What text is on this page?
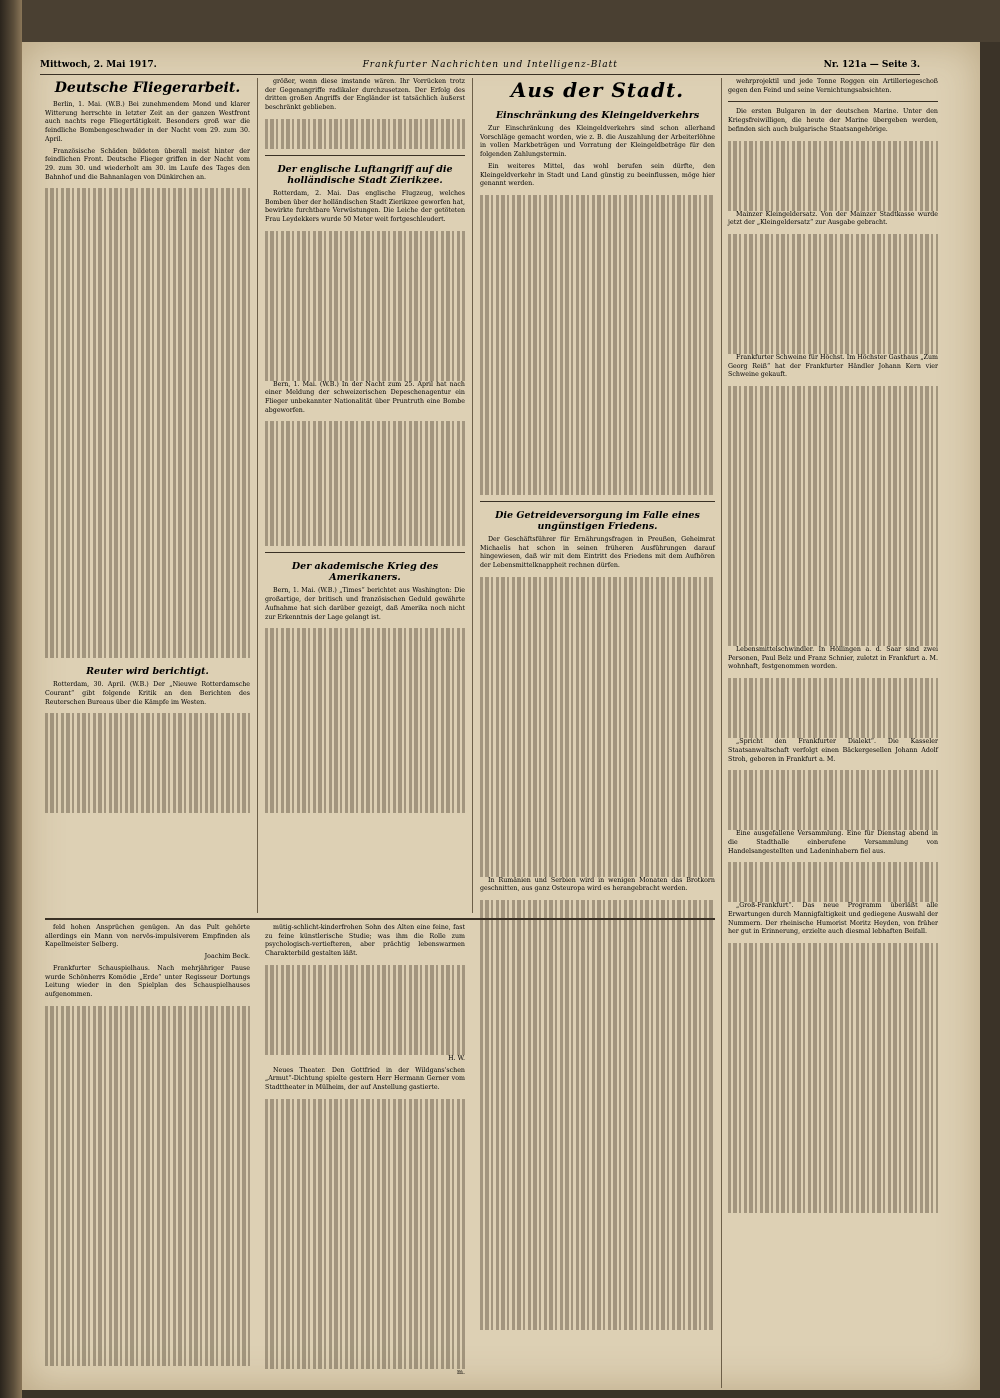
Mittwoch, 2. Mai 1917.	Frankfurter Nachrichten und Intelligenz-Blatt	Nr. 121a — Seite 3.
Deutsche Fliegerarbeit.

Berlin, 1. Mai. (W.B.) Bei zunehmendem Mond und klarer Witterung herrschte in letzter Zeit an der ganzen Westfront auch nachts rege Fliegertätigkeit. Besonders groß war die feindliche Bombengeschwader in der Nacht vom 29. zum 30. April.

Französische Schäden bildeten überall meist hinter der feindlichen Front. Deutsche Flieger griffen in der Nacht vom 29. zum 30. und wiederholt am 30. im Laufe des Tages den Bahnhof und die Bahnanlagen von Dünkirchen an.

Reuter wird berichtigt.

Rotterdam, 30. April. (W.B.) Der „Nieuwe Rotterdamsche Courant“ gibt folgende Kritik an den Berichten des Reuterschen Bureaus über die Kämpfe im Westen.

größer, wenn diese imstande wären. Ihr Vorrücken trotz der Gegenangriffe radikaler durchzusetzen. Der Erfolg des dritten großen Angriffs der Engländer ist tatsächlich äußerst beschränkt geblieben.

Der englische Luftangriff auf die holländische Stadt Zierikzee.

Rotterdam, 2. Mai. Das englische Flugzeug, welches Bomben über der holländischen Stadt Zierikzee geworfen hat, bewirkte furchtbare Verwüstungen. Die Leiche der getöteten Frau Leydekkers wurde 50 Meter weit fortgeschleudert.

Bern, 1. Mai. (W.B.) In der Nacht zum 25. April hat nach einer Meldung der schweizerischen Depeschenagentur ein Flieger unbekannter Nationalität über Pruntruth eine Bombe abgeworfen.

Der akademische Krieg des Amerikaners.

Bern, 1. Mai. (W.B.) „Times“ berichtet aus Washington: Die großartige, der britisch und französischen Geduld gewährte Aufnahme hat sich darüber gezeigt, daß Amerika noch nicht zur Erkenntnis der Lage gelangt ist.

Aus der Stadt.
Einschränkung des Kleingeldverkehrs

Zur Einschränkung des Kleingeldverkehrs sind schon allerhand Vorschläge gemacht worden, wie z. B. die Auszahlung der Arbeiterlöhne in vollen Markbeträgen und Vorratung der Kleingeldbeträge für den folgenden Zahlungstermin.

Ein weiteres Mittel, das wohl berufen sein dürfte, den Kleingeldverkehr in Stadt und Land günstig zu beeinflussen, möge hier genannt werden.

Die Getreideversorgung im Falle eines ungünstigen Friedens.

Der Geschäftsführer für Ernährungsfragen in Preußen, Geheimrat Michaelis hat schon in seinen früheren Ausführungen darauf hingewiesen, daß wir mit dem Eintritt des Friedens mit dem Aufhören der Lebensmittelknappheit rechnen dürfen.

In Rumänien und Serbien wird in wenigen Monaten das Brotkorn geschnitten, aus ganz Osteuropa wird es herangebracht werden.

wehrprojektil und jede Tonne Roggen ein Artilleriegeschoß gegen den Feind und seine Vernichtungsabsichten.

Die ersten Bulgaren in der deutschen Marine. Unter den Kriegsfreiwilligen, die heute der Marine übergeben werden, befinden sich auch bulgarische Staatsangehörige.

Mainzer Kleingeldersatz. Von der Mainzer Stadtkasse wurde jetzt der „Kleingeldersatz“ zur Ausgabe gebracht.

Frankfurter Schweine für Höchst. Im Höchster Gasthaus „Zum Georg Reiß“ hat der Frankfurter Händler Johann Kern vier Schweine gekauft.

Lebensmittelschwindler. In Höllingen a. d. Saar sind zwei Personen, Paul Belz und Franz Schnier, zuletzt in Frankfurt a. M. wohnhaft, festgenommen worden.

„Spricht den Frankfurter Dialekt“. Die Kasseler Staatsanwaltschaft verfolgt einen Bäckergesellen Johann Adolf Stroh, geboren in Frankfurt a. M.

Eine ausgefallene Versammlung. Eine für Dienstag abend in die Stadthalle einberufene Versammlung von Handelsangestellten und Ladeninhabern fiel aus.

„Groß-Frankfurt“. Das neue Programm überläßt alle Erwartungen durch Mannigfaltigkeit und gediegene Auswahl der Nummern. Der rheinische Humorist Moritz Heyden, von früher her gut in Erinnerung, erzielte auch diesmal lebhaften Beifall.

feld hohen Ansprüchen genügen. An das Pult gehörte allerdings ein Mann von nervös-impulsiverem Empfinden als Kapellmeister Selberg.

Joachim Beck.

Frankfurter Schauspielhaus. Nach mehrjähriger Pause wurde Schönherrs Komödie „Erde“ unter Regisseur Dortungs Leitung wieder in den Spielplan des Schauspielhauses aufgenommen.

mütig-schlicht-kinderfrohen Sohn des Alten eine feine, fast zu feine künstlerische Studie; was ihm die Rolle zum psychologisch-vertiefteren, aber prächtig lebenswarmen Charakterbild gestalten läßt.

H. W.

Neues Theater. Den Gottfried in der Wildgans'schen „Armut“-Dichtung spielte gestern Herr Hermann Gerner vom Stadttheater in Mülheim, der auf Anstellung gastierte.

m.
